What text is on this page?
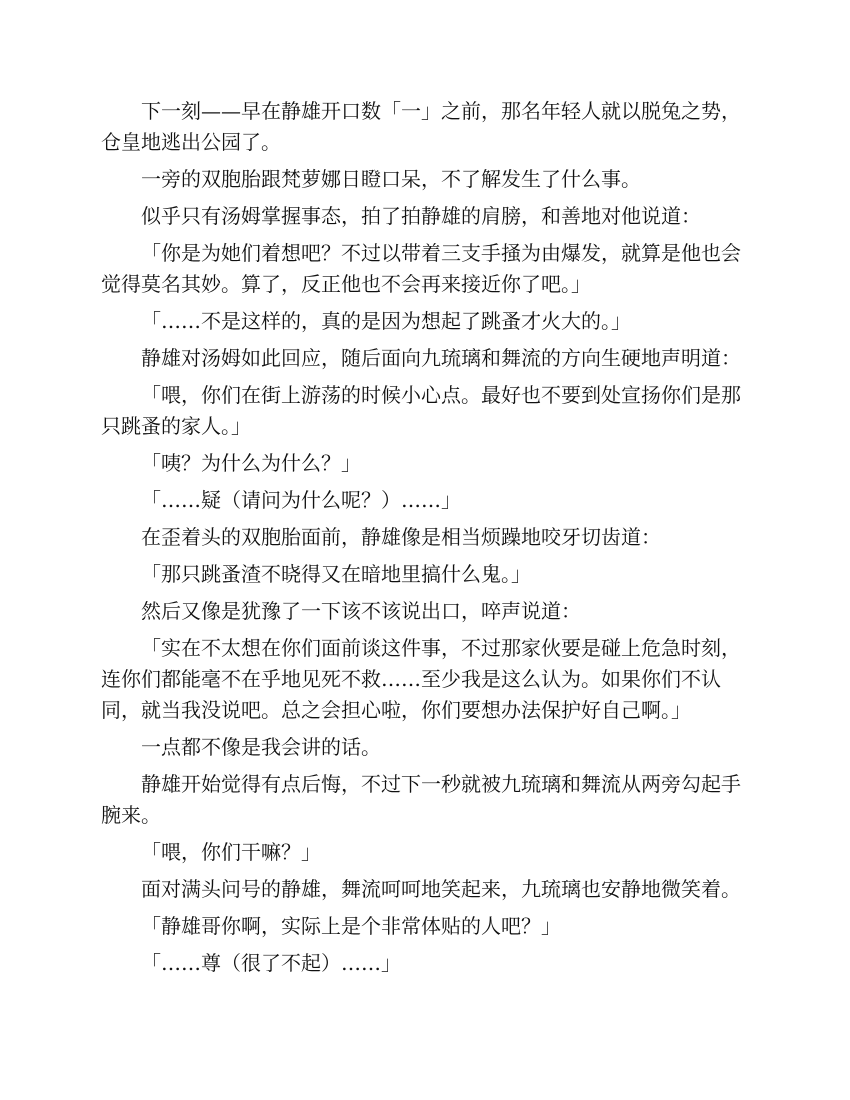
下一刻——早在静雄开口数「一」之前，那名年轻人就以脱兔之势，仓皇地逃出公园了。

一旁的双胞胎跟梵萝娜日瞪口呆，不了解发生了什么事。

似乎只有汤姆掌握事态，拍了拍静雄的肩膀，和善地对他说道：

「你是为她们着想吧？不过以带着三支手掻为由爆发，就算是他也会觉得莫名其妙。算了，反正他也不会再来接近你了吧。」

「……不是这样的，真的是因为想起了跳蚤才火大的。」

静雄对汤姆如此回应，随后面向九琉璃和舞流的方向生硬地声明道：

「喂，你们在街上游荡的时候小心点。最好也不要到处宣扬你们是那只跳蚤的家人。」

「咦？为什么为什么？」

「……疑（请问为什么呢？）……」

在歪着头的双胞胎面前，静雄像是相当烦躁地咬牙切齿道：

「那只跳蚤渣不晓得又在暗地里搞什么鬼。」

然后又像是犹豫了一下该不该说出口，啐声说道：

「实在不太想在你们面前谈这件事，不过那家伙要是碰上危急时刻，连你们都能毫不在乎地见死不救……至少我是这么认为。如果你们不认同，就当我没说吧。总之会担心啦，你们要想办法保护好自己啊。」

一点都不像是我会讲的话。

静雄开始觉得有点后悔，不过下一秒就被九琉璃和舞流从两旁勾起手腕来。

「喂，你们干嘛？」

面对满头问号的静雄，舞流呵呵地笑起来，九琉璃也安静地微笑着。

「静雄哥你啊，实际上是个非常体贴的人吧？」

「……尊（很了不起）……」
